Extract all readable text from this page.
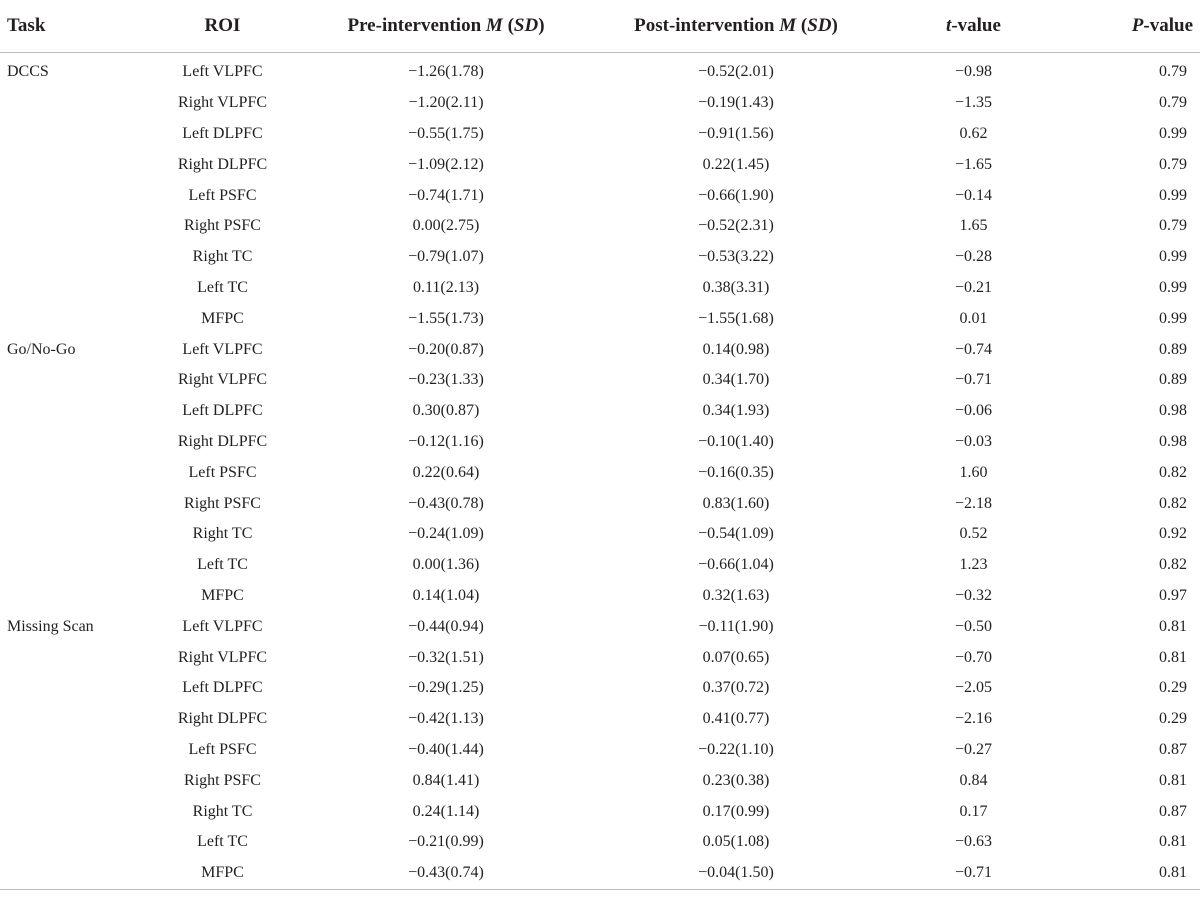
Task	ROI	Pre-intervention M (SD)	Post-intervention M (SD)	t-value	P-value
DCCS	Left VLPFC	−1.26(1.78)	−0.52(2.01)	−0.98	0.79
	Right VLPFC	−1.20(2.11)	−0.19(1.43)	−1.35	0.79
	Left DLPFC	−0.55(1.75)	−0.91(1.56)	0.62	0.99
	Right DLPFC	−1.09(2.12)	0.22(1.45)	−1.65	0.79
	Left PSFC	−0.74(1.71)	−0.66(1.90)	−0.14	0.99
	Right PSFC	0.00(2.75)	−0.52(2.31)	1.65	0.79
	Right TC	−0.79(1.07)	−0.53(3.22)	−0.28	0.99
	Left TC	0.11(2.13)	0.38(3.31)	−0.21	0.99
	MFPC	−1.55(1.73)	−1.55(1.68)	0.01	0.99
Go/No-Go	Left VLPFC	−0.20(0.87)	0.14(0.98)	−0.74	0.89
	Right VLPFC	−0.23(1.33)	0.34(1.70)	−0.71	0.89
	Left DLPFC	0.30(0.87)	0.34(1.93)	−0.06	0.98
	Right DLPFC	−0.12(1.16)	−0.10(1.40)	−0.03	0.98
	Left PSFC	0.22(0.64)	−0.16(0.35)	1.60	0.82
	Right PSFC	−0.43(0.78)	0.83(1.60)	−2.18	0.82
	Right TC	−0.24(1.09)	−0.54(1.09)	0.52	0.92
	Left TC	0.00(1.36)	−0.66(1.04)	1.23	0.82
	MFPC	0.14(1.04)	0.32(1.63)	−0.32	0.97
Missing Scan	Left VLPFC	−0.44(0.94)	−0.11(1.90)	−0.50	0.81
	Right VLPFC	−0.32(1.51)	0.07(0.65)	−0.70	0.81
	Left DLPFC	−0.29(1.25)	0.37(0.72)	−2.05	0.29
	Right DLPFC	−0.42(1.13)	0.41(0.77)	−2.16	0.29
	Left PSFC	−0.40(1.44)	−0.22(1.10)	−0.27	0.87
	Right PSFC	0.84(1.41)	0.23(0.38)	0.84	0.81
	Right TC	0.24(1.14)	0.17(0.99)	0.17	0.87
	Left TC	−0.21(0.99)	0.05(1.08)	−0.63	0.81
	MFPC	−0.43(0.74)	−0.04(1.50)	−0.71	0.81
